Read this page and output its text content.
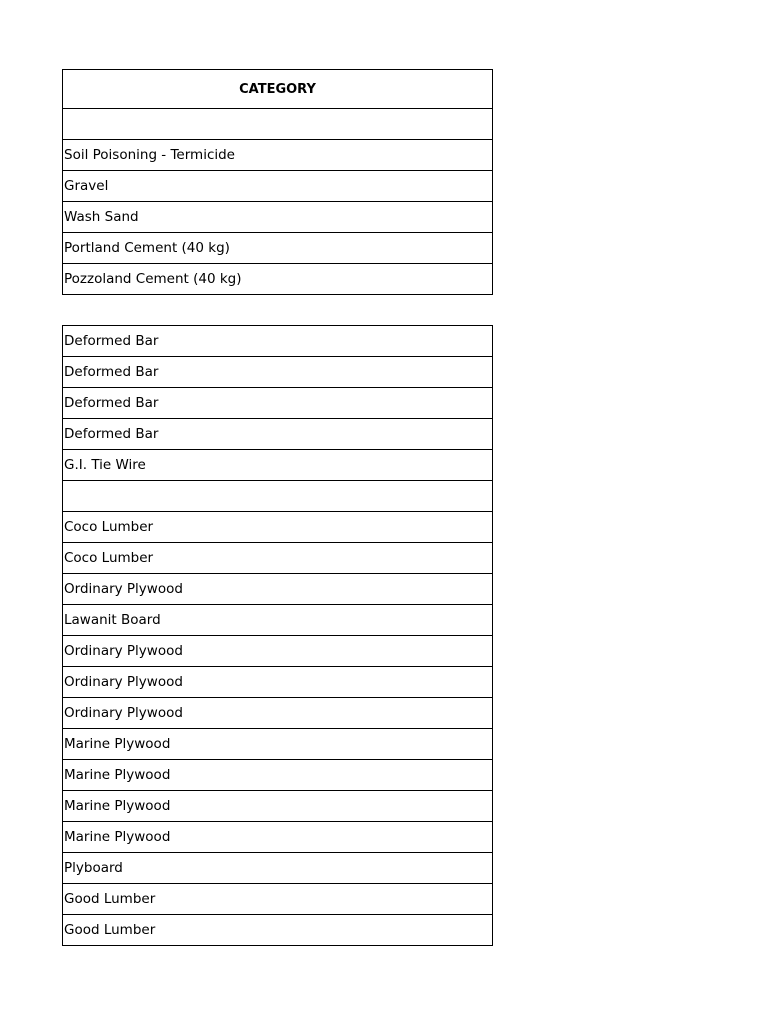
CATEGORY
Soil Poisoning - Termicide
Gravel
Wash Sand
Portland Cement (40 kg)
Pozzoland Cement (40 kg)
Deformed Bar
Deformed Bar
Deformed Bar
Deformed Bar
G.I. Tie Wire
Coco Lumber
Coco Lumber
Ordinary Plywood
Lawanit Board
Ordinary Plywood
Ordinary Plywood
Ordinary Plywood
Marine Plywood
Marine Plywood
Marine Plywood
Marine Plywood
Plyboard
Good Lumber
Good Lumber
